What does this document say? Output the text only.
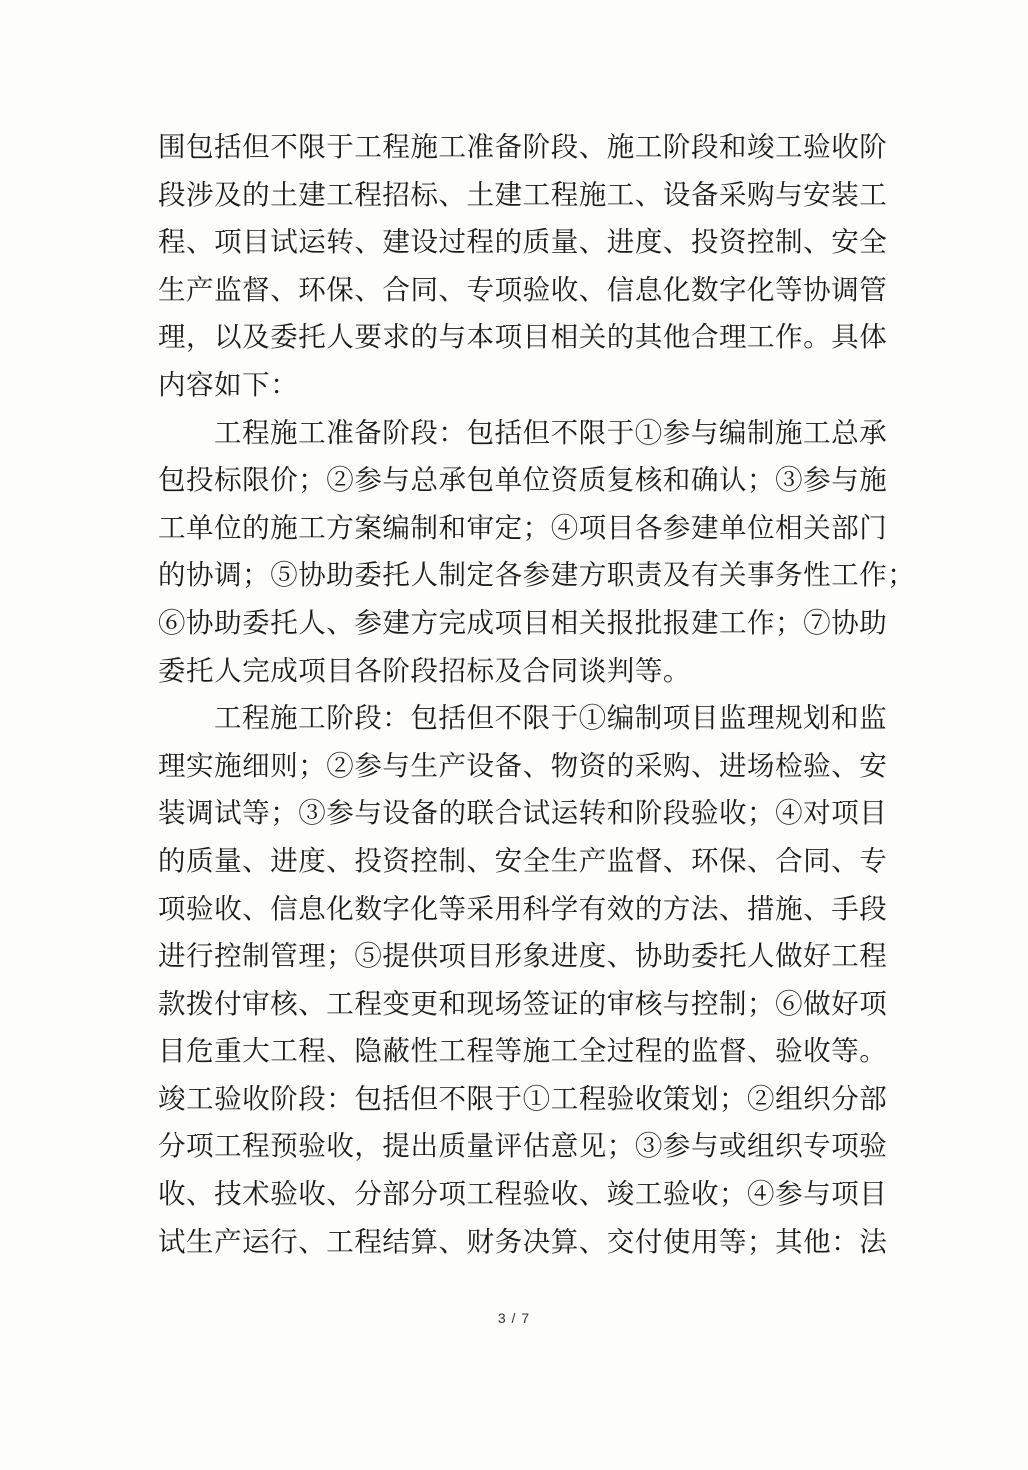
围包括但不限于工程施工准备阶段、施工阶段和竣工验收阶
段涉及的土建工程招标、土建工程施工、设备采购与安装工
程、项目试运转、建设过程的质量、进度、投资控制、安全
生产监督、环保、合同、专项验收、信息化数字化等协调管
理，以及委托人要求的与本项目相关的其他合理工作。具体
内容如下：
工程施工准备阶段：包括但不限于①参与编制施工总承
包投标限价；②参与总承包单位资质复核和确认；③参与施
工单位的施工方案编制和审定；④项目各参建单位相关部门
的协调；⑤协助委托人制定各参建方职责及有关事务性工作；
⑥协助委托人、参建方完成项目相关报批报建工作；⑦协助
委托人完成项目各阶段招标及合同谈判等。
工程施工阶段：包括但不限于①编制项目监理规划和监
理实施细则；②参与生产设备、物资的采购、进场检验、安
装调试等；③参与设备的联合试运转和阶段验收；④对项目
的质量、进度、投资控制、安全生产监督、环保、合同、专
项验收、信息化数字化等采用科学有效的方法、措施、手段
进行控制管理；⑤提供项目形象进度、协助委托人做好工程
款拨付审核、工程变更和现场签证的审核与控制；⑥做好项
目危重大工程、隐蔽性工程等施工全过程的监督、验收等。
竣工验收阶段：包括但不限于①工程验收策划；②组织分部
分项工程预验收，提出质量评估意见；③参与或组织专项验
收、技术验收、分部分项工程验收、竣工验收；④参与项目
试生产运行、工程结算、财务决算、交付使用等；其他：法
3 / 7
